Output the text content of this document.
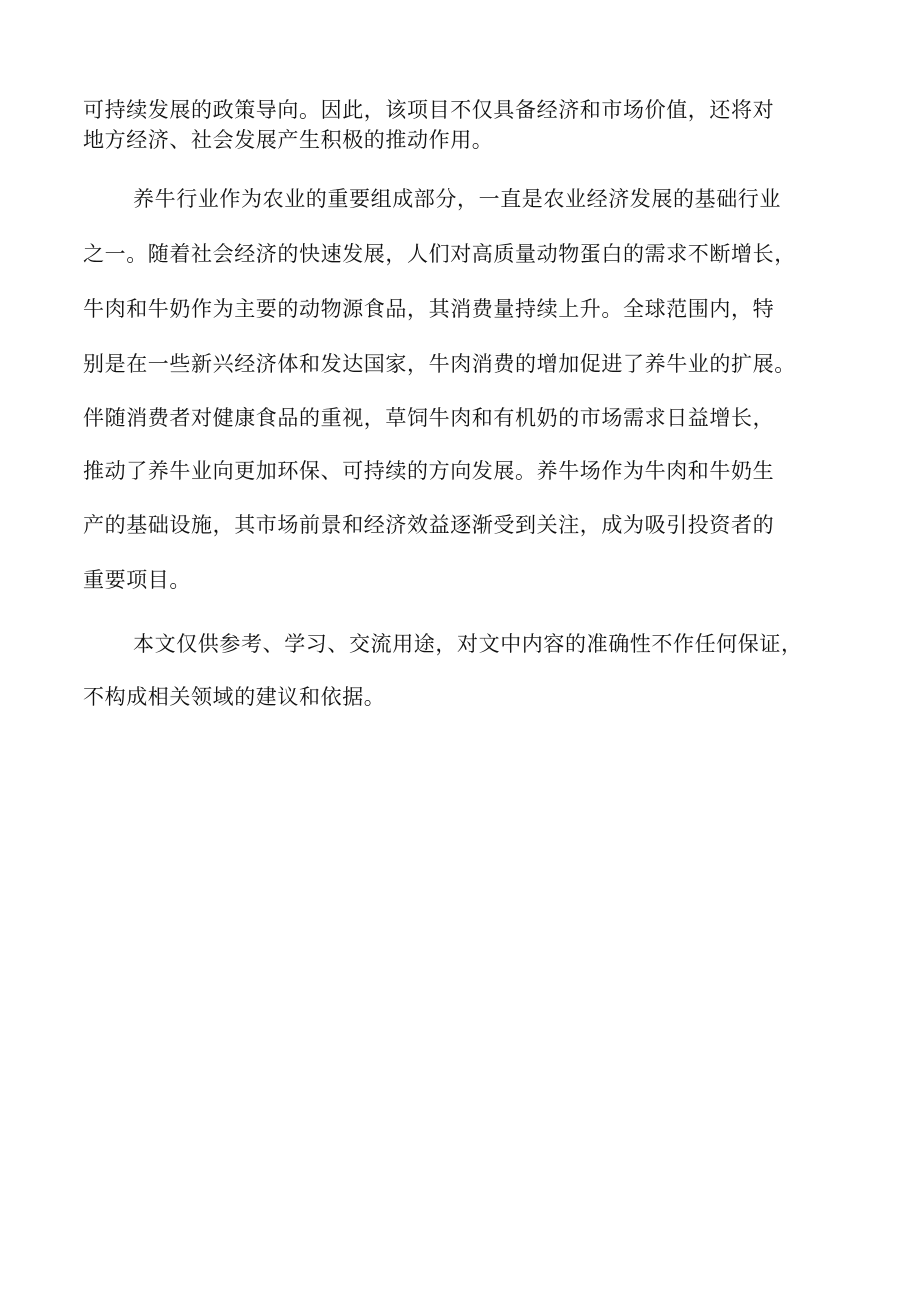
可持续发展的政策导向。因此，该项目不仅具备经济和市场价值，还将对
地方经济、社会发展产生积极的推动作用。
养牛行业作为农业的重要组成部分，一直是农业经济发展的基础行业
之一。随着社会经济的快速发展，人们对高质量动物蛋白的需求不断增长，
牛肉和牛奶作为主要的动物源食品，其消费量持续上升。全球范围内，特
别是在一些新兴经济体和发达国家，牛肉消费的增加促进了养牛业的扩展。
伴随消费者对健康食品的重视，草饲牛肉和有机奶的市场需求日益增长，
推动了养牛业向更加环保、可持续的方向发展。养牛场作为牛肉和牛奶生
产的基础设施，其市场前景和经济效益逐渐受到关注，成为吸引投资者的
重要项目。
本文仅供参考、学习、交流用途，对文中内容的准确性不作任何保证，
不构成相关领域的建议和依据。
